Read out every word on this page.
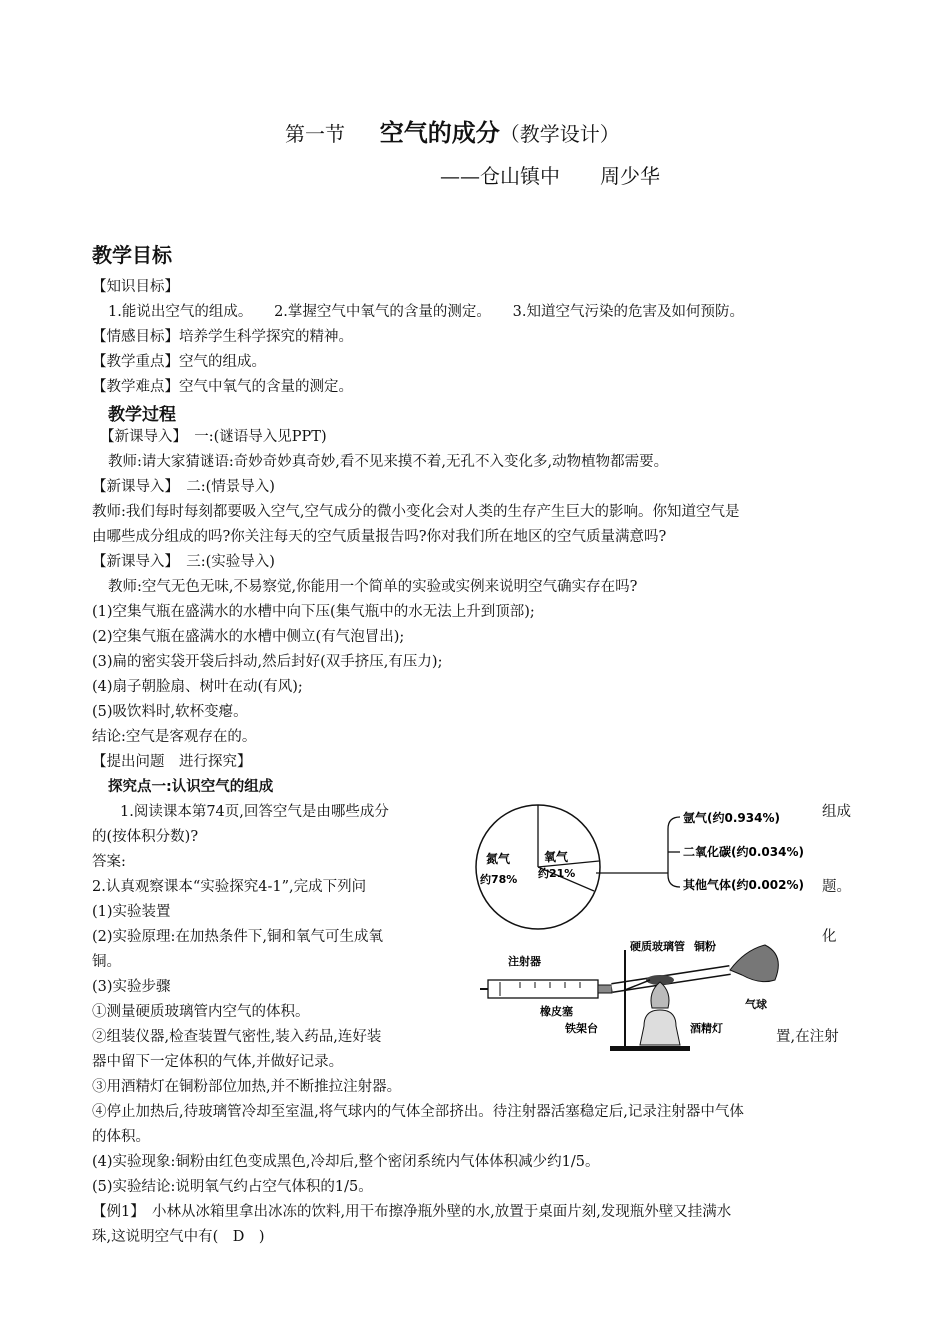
第一节 空气的成分（教学设计）
——仓山镇中　　周少华
教学目标
【知识目标】
1.能说出空气的组成。　　2.掌握空气中氧气的含量的测定。　　3.知道空气污染的危害及如何预防。
【情感目标】培养学生科学探究的精神。
【教学重点】空气的组成。
【教学难点】空气中氧气的含量的测定。
教学过程
【新课导入】　一:(谜语导入见PPT)
教师:请大家猜谜语:奇妙奇妙真奇妙,看不见来摸不着,无孔不入变化多,动物植物都需要。
【新课导入】　二:(情景导入)
教师:我们每时每刻都要吸入空气,空气成分的微小变化会对人类的生存产生巨大的影响。你知道空气是
由哪些成分组成的吗?你关注每天的空气质量报告吗?你对我们所在地区的空气质量满意吗?
【新课导入】　三:(实验导入)
教师:空气无色无味,不易察觉,你能用一个简单的实验或实例来说明空气确实存在吗?
(1)空集气瓶在盛满水的水槽中向下压(集气瓶中的水无法上升到顶部);
(2)空集气瓶在盛满水的水槽中侧立(有气泡冒出);
(3)扁的密实袋开袋后抖动,然后封好(双手挤压,有压力);
(4)扇子朝脸扇、树叶在动(有风);
(5)吸饮料时,软杯变瘪。
结论:空气是客观存在的。
【提出问题　进行探究】
探究点一:认识空气的组成
1.阅读课本第74页,回答空气是由哪些成分	组成
的(按体积分数)?
答案:
2.认真观察课本“实验探究4-1”,完成下列问	题。
(1)实验装置
(2)实验原理:在加热条件下,铜和氧气可生成氧	化
铜。
(3)实验步骤
①测量硬质玻璃管内空气的体积。
②组装仪器,检查装置气密性,装入药品,连好装	置,在注射
器中留下一定体积的气体,并做好记录。
③用酒精灯在铜粉部位加热,并不断推拉注射器。
④停止加热后,待玻璃管冷却至室温,将气球内的气体全部挤出。待注射器活塞稳定后,记录注射器中气体
的体积。
(4)实验现象:铜粉由红色变成黑色,冷却后,整个密闭系统内气体体积减少约1/5。
(5)实验结论:说明氧气约占空气体积的1/5。
【例1】　小林从冰箱里拿出冰冻的饮料,用干布擦净瓶外壁的水,放置于桌面片刻,发现瓶外壁又挂满水
珠,这说明空气中有(　D　)
氮气
约78%
氧气
约21%
氩气(约0.934%)
二氧化碳(约0.034%)
其他气体(约0.002%)
注射器
硬质玻璃管 铜粉
橡皮塞
铁架台	酒精灯
气球
